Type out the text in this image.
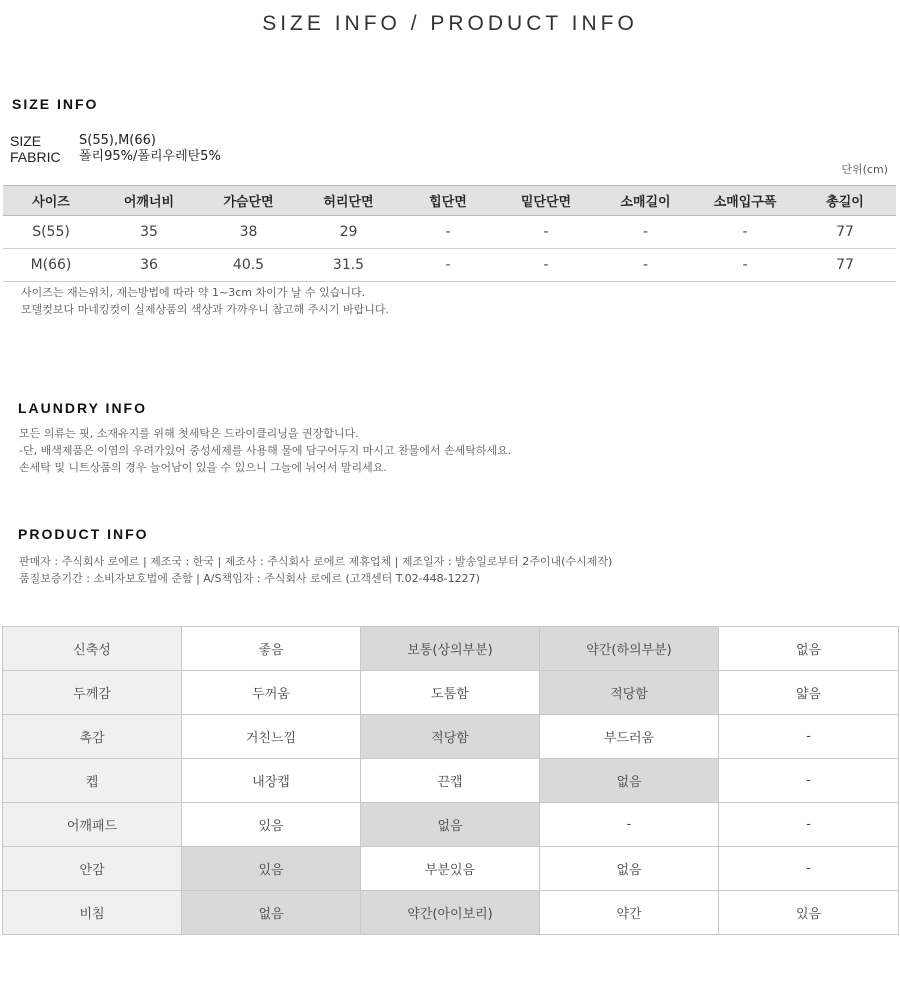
SIZE INFO / PRODUCT INFO
SIZE INFO
SIZE	S(55),M(66)
FABRIC	폴리95%/폴리우레탄5%
단위(cm)
사이즈	어깨너비	가슴단면	허리단면	힙단면	밑단단면	소매길이	소매입구폭	총길이
S(55)	35	38	29	-	-	-	-	77
M(66)	36	40.5	31.5	-	-	-	-	77
사이즈는 재는위치, 재는방법에 따라 약 1~3cm 차이가 날 수 있습니다.
모델컷보다 마네킹컷이 실제상품의 색상과 가까우니 참고해 주시기 바랍니다.
LAUNDRY INFO
모든 의류는 핏, 소재유지를 위해 첫세탁은 드라이클리닝을 권장합니다.
-단, 배색제품은 이염의 우려가있어 중성세제를 사용해 물에 담구어두지 마시고 찬물에서 손세탁하세요.
손세탁 및 니트상품의 경우 늘어남이 있을 수 있으니 그늘에 뉘어서 말리세요.
PRODUCT INFO
판매자 : 주식회사 로에르 | 제조국 : 한국 | 제조사 : 주식회사 로에르 제휴업체 | 제조일자 : 발송일로부터 2주이내(수시제작)
품질보증기간 : 소비자보호법에 준함 | A/S책임자 : 주식회사 로에르 (고객센터 T.02-448-1227)
신축성	좋음	보통(상의부분)	약간(하의부분)	없음
두께감	두꺼움	도톰함	적당함	얇음
촉감	거친느낌	적당함	부드러움	-
켑	내장캡	끈캡	없음	-
어깨패드	있음	없음	-	-
안감	있음	부분있음	없음	-
비침	없음	약간(아이보리)	약간	있음
